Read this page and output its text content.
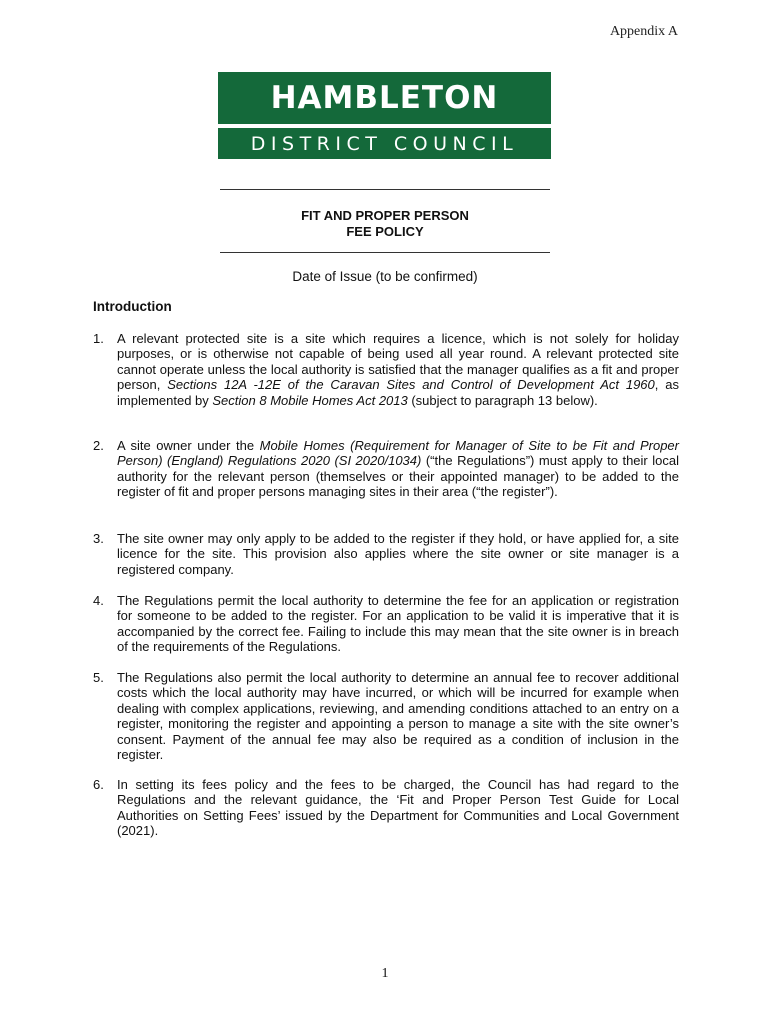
Appendix A
HAMBLETON
DISTRICT COUNCIL
FIT AND PROPER PERSON
FEE POLICY
Date of Issue (to be confirmed)
Introduction
1. A relevant protected site is a site which requires a licence, which is not solely for holiday purposes, or is otherwise not capable of being used all year round. A relevant protected site cannot operate unless the local authority is satisfied that the manager qualifies as a fit and proper person, Sections 12A -12E of the Caravan Sites and Control of Development Act 1960, as implemented by Section 8 Mobile Homes Act 2013 (subject to paragraph 13 below).
2. A site owner under the Mobile Homes (Requirement for Manager of Site to be Fit and Proper Person) (England) Regulations 2020 (SI 2020/1034) (“the Regulations”) must apply to their local authority for the relevant person (themselves or their appointed manager) to be added to the register of fit and proper persons managing sites in their area (“the register”).
3. The site owner may only apply to be added to the register if they hold, or have applied for, a site licence for the site. This provision also applies where the site owner or site manager is a registered company.
4. The Regulations permit the local authority to determine the fee for an application or registration for someone to be added to the register. For an application to be valid it is imperative that it is accompanied by the correct fee. Failing to include this may mean that the site owner is in breach of the requirements of the Regulations.
5. The Regulations also permit the local authority to determine an annual fee to recover additional costs which the local authority may have incurred, or which will be incurred for example when dealing with complex applications, reviewing, and amending conditions attached to an entry on a register, monitoring the register and appointing a person to manage a site with the site owner’s consent. Payment of the annual fee may also be required as a condition of inclusion in the register.
6. In setting its fees policy and the fees to be charged, the Council has had regard to the Regulations and the relevant guidance, the ‘Fit and Proper Person Test Guide for Local Authorities on Setting Fees’ issued by the Department for Communities and Local Government (2021).
1
